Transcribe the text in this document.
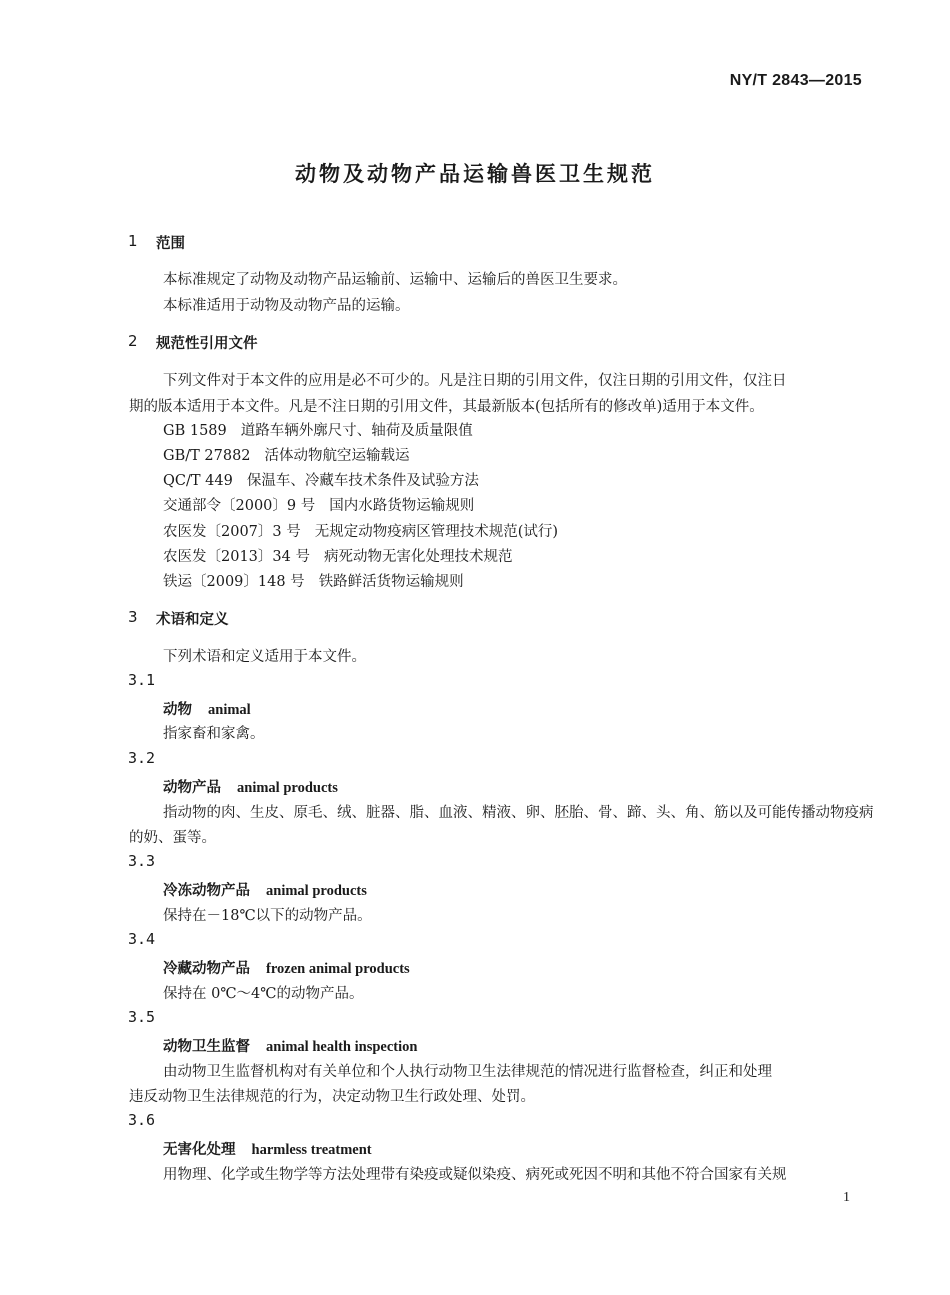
NY/T 2843—2015
动物及动物产品运输兽医卫生规范
1 范围
本标准规定了动物及动物产品运输前、运输中、运输后的兽医卫生要求。
本标准适用于动物及动物产品的运输。
2 规范性引用文件
下列文件对于本文件的应用是必不可少的。凡是注日期的引用文件，仅注日期的引用文件，仅注日
期的版本适用于本文件。凡是不注日期的引用文件，其最新版本(包括所有的修改单)适用于本文件。
GB 1589 道路车辆外廓尺寸、轴荷及质量限值
GB/T 27882 活体动物航空运输载运
QC/T 449 保温车、冷藏车技术条件及试验方法
交通部令〔2000〕9 号 国内水路货物运输规则
农医发〔2007〕3 号 无规定动物疫病区管理技术规范(试行)
农医发〔2013〕34 号 病死动物无害化处理技术规范
铁运〔2009〕148 号 铁路鲜活货物运输规则
3 术语和定义
下列术语和定义适用于本文件。
3.1
动物 animal
指家畜和家禽。
3.2
动物产品 animal products
指动物的肉、生皮、原毛、绒、脏器、脂、血液、精液、卵、胚胎、骨、蹄、头、角、筋以及可能传播动物疫病
的奶、蛋等。
3.3
冷冻动物产品 animal products
保持在－18℃以下的动物产品。
3.4
冷藏动物产品 frozen animal products
保持在 0℃～4℃的动物产品。
3.5
动物卫生监督 animal health inspection
由动物卫生监督机构对有关单位和个人执行动物卫生法律规范的情况进行监督检查，纠正和处理
违反动物卫生法律规范的行为，决定动物卫生行政处理、处罚。
3.6
无害化处理 harmless treatment
用物理、化学或生物学等方法处理带有染疫或疑似染疫、病死或死因不明和其他不符合国家有关规
1
